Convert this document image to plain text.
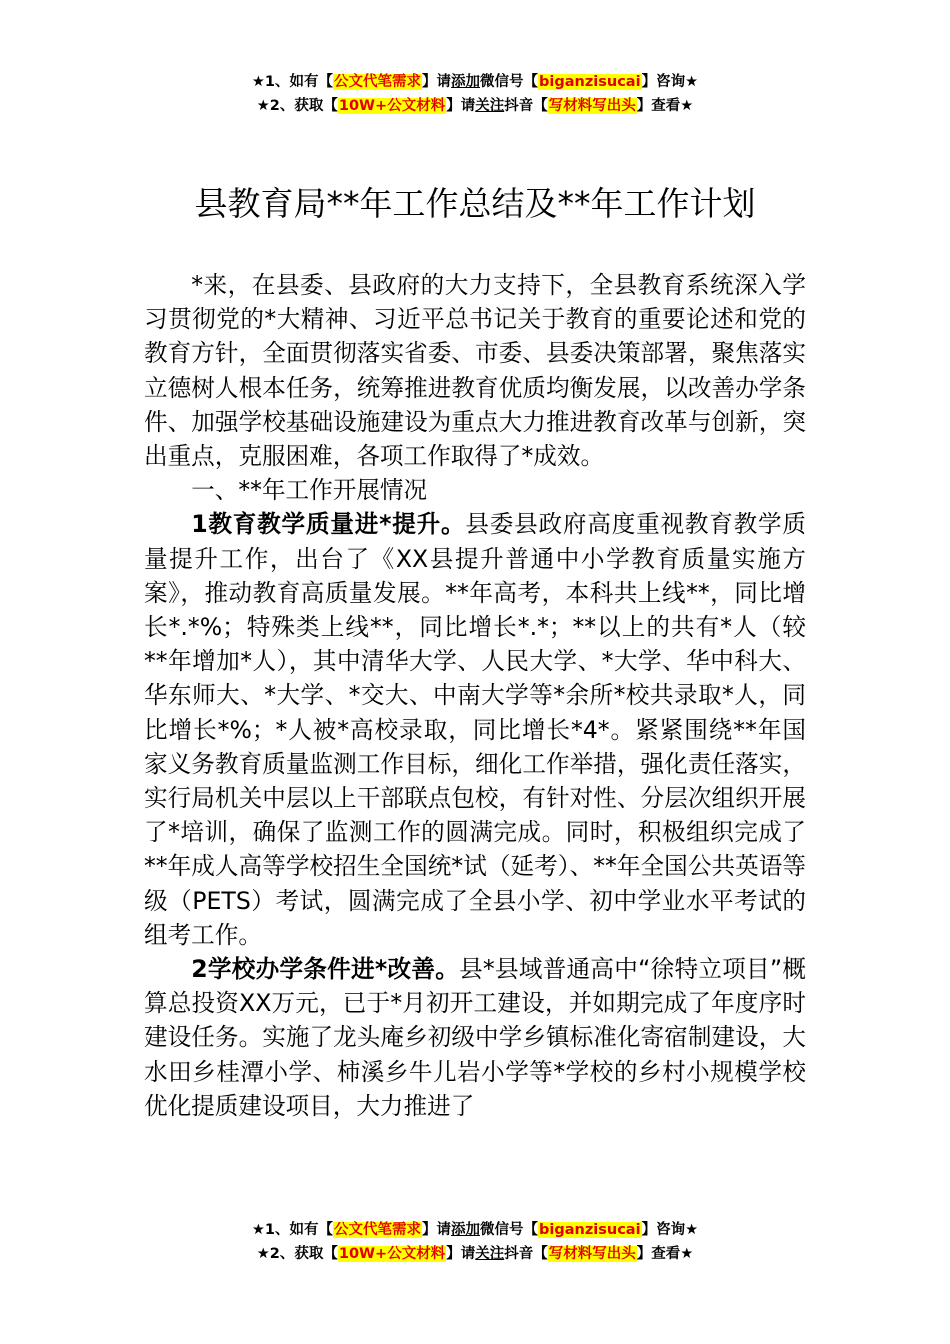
★1、如有【公文代笔需求】请添加微信号【biganzisucai】咨询★
★2、获取【10W+公文材料】请关注抖音【写材料写出头】查看★
县教育局**年工作总结及**年工作计划

*来，在县委、县政府的大力支持下，全县教育系统深入学习贯彻党的*大精神、习近平总书记关于教育的重要论述和党的教育方针，全面贯彻落实省委、市委、县委决策部署，聚焦落实立德树人根本任务，统筹推进教育优质均衡发展，以改善办学条件、加强学校基础设施建设为重点大力推进教育改革与创新，突出重点，克服困难，各项工作取得了*成效。

一、**年工作开展情况

1教育教学质量进*提升。县委县政府高度重视教育教学质量提升工作，出台了《XX县提升普通中小学教育质量实施方案》，推动教育高质量发展。**年高考，本科共上线**，同比增长*.*%；特殊类上线**，同比增长*.*；**以上的共有*人（较**年增加*人），其中清华大学、人民大学、*大学、华中科大、华东师大、*大学、*交大、中南大学等*余所*校共录取*人，同比增长*%；*人被*高校录取，同比增长*4*。紧紧围绕**年国家义务教育质量监测工作目标，细化工作举措，强化责任落实，实行局机关中层以上干部联点包校，有针对性、分层次组织开展了*培训，确保了监测工作的圆满完成。同时，积极组织完成了**年成人高等学校招生全国统*试（延考）、**年全国公共英语等级（PETS）考试，圆满完成了全县小学、初中学业水平考试的组考工作。

2学校办学条件进*改善。县*县域普通高中“徐特立项目”概算总投资XX万元，已于*月初开工建设，并如期完成了年度序时建设任务。实施了龙头庵乡初级中学乡镇标准化寄宿制建设，大水田乡桂潭小学、柿溪乡牛儿岩小学等*学校的乡村小规模学校优化提质建设项目，大力推进了

★1、如有【公文代笔需求】请添加微信号【biganzisucai】咨询★
★2、获取【10W+公文材料】请关注抖音【写材料写出头】查看★
